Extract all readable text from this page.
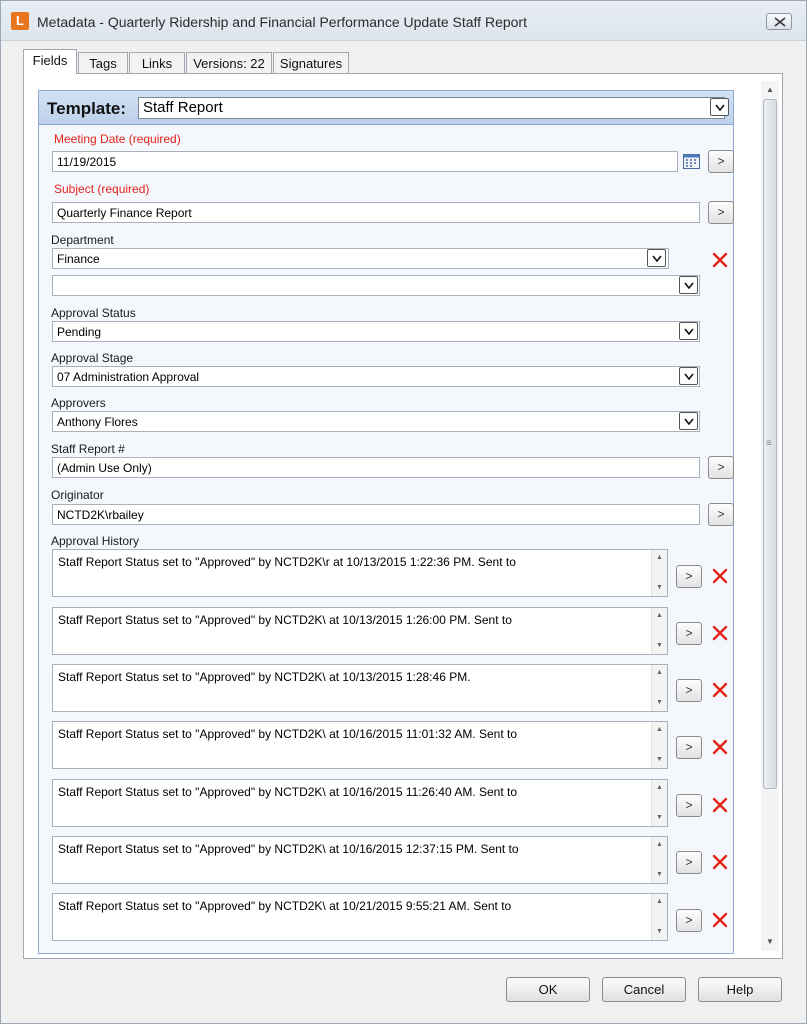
L Metadata - Quarterly Ridership and Financial Performance Update Staff Report
Fields	Tags	Links	Versions: 22	Signatures
▲
≡
▼
Template:	Staff Report
Meeting Date (required)
11/19/2015	>
Subject (required)
Quarterly Finance Report	>
Department
Finance
Approval Status
Pending
Approval Stage
07 Administration Approval
Approvers
Anthony Flores
Staff Report #
(Admin Use Only)	>
Originator
NCTD2K\rbailey	>
Approval History
Staff Report Status set to "Approved" by NCTD2K\r at 10/13/2015 1:22:36 PM. Sent to	▲
▼
>
Staff Report Status set to "Approved" by NCTD2K\ at 10/13/2015 1:26:00 PM. Sent to	▲
▼
>
Staff Report Status set to "Approved" by NCTD2K\ at 10/13/2015 1:28:46 PM.	▲
▼
>
Staff Report Status set to "Approved" by NCTD2K\ at 10/16/2015 11:01:32 AM. Sent to	▲
▼
>
Staff Report Status set to "Approved" by NCTD2K\ at 10/16/2015 11:26:40 AM. Sent to	▲
▼
>
Staff Report Status set to "Approved" by NCTD2K\ at 10/16/2015 12:37:15 PM. Sent to	▲
▼
>
Staff Report Status set to "Approved" by NCTD2K\ at 10/21/2015 9:55:21 AM. Sent to	▲
▼
>
OK	Cancel	Help
